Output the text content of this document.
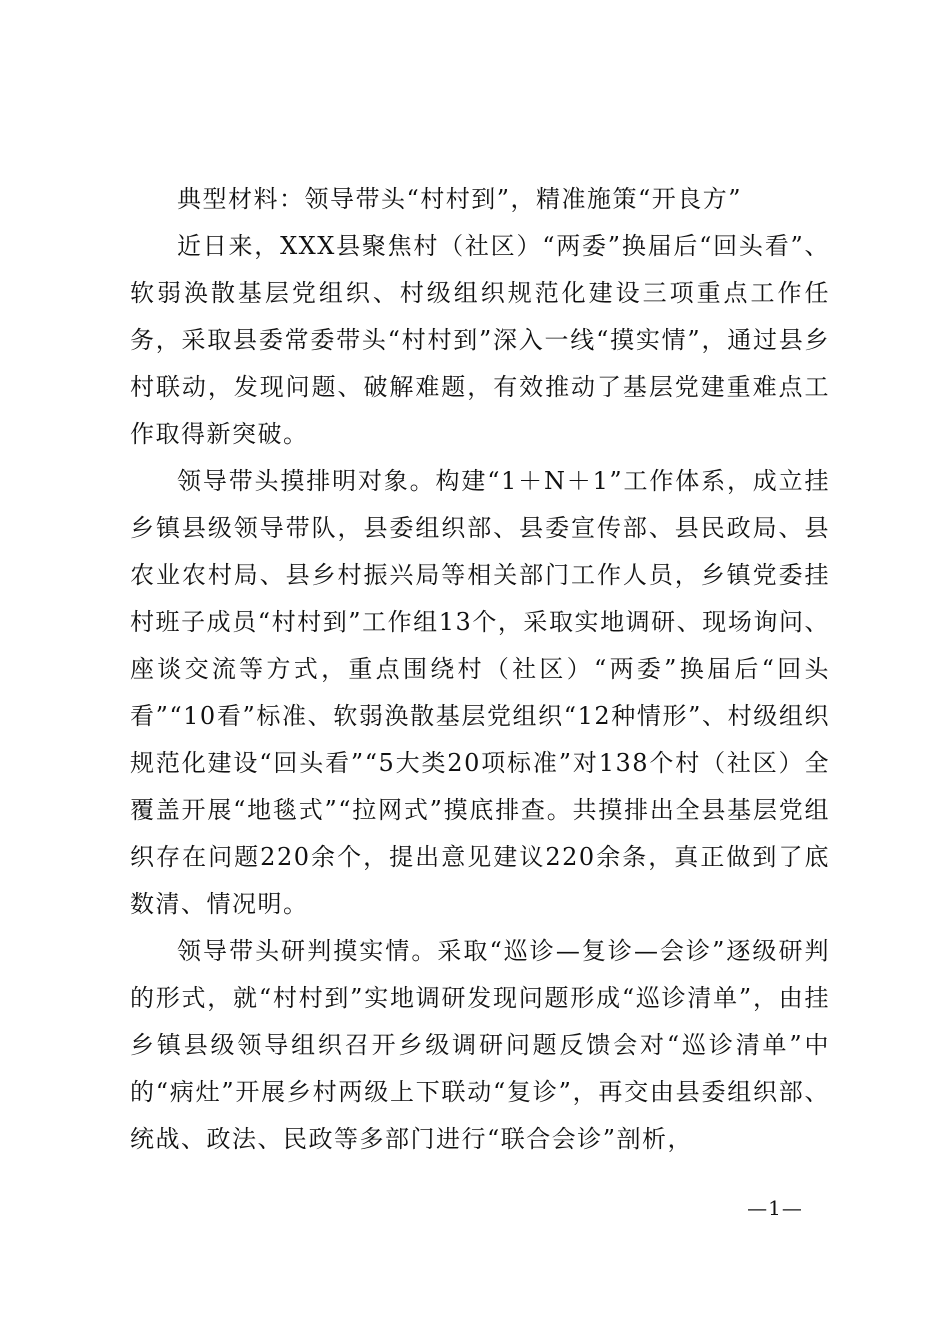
典型材料：领导带头“村村到”，精准施策“开良方”

近日来，XXX县聚焦村（社区）“两委”换届后“回头看”、软弱涣散基层党组织、村级组织规范化建设三项重点工作任务，采取县委常委带头“村村到”深入一线“摸实情”，通过县乡村联动，发现问题、破解难题，有效推动了基层党建重难点工作取得新突破。

领导带头摸排明对象。构建“1＋N＋1”工作体系，成立挂乡镇县级领导带队，县委组织部、县委宣传部、县民政局、县农业农村局、县乡村振兴局等相关部门工作人员，乡镇党委挂村班子成员“村村到”工作组13个，采取实地调研、现场询问、座谈交流等方式，重点围绕村（社区）“两委”换届后“回头看”“10看”标准、软弱涣散基层党组织“12种情形”、村级组织规范化建设“回头看”“5大类20项标准”对138个村（社区）全覆盖开展“地毯式”“拉网式”摸底排查。共摸排出全县基层党组织存在问题220余个，提出意见建议220余条，真正做到了底数清、情况明。

领导带头研判摸实情。采取“巡诊—复诊—会诊”逐级研判的形式，就“村村到”实地调研发现问题形成“巡诊清单”，由挂乡镇县级领导组织召开乡级调研问题反馈会对“巡诊清单”中的“病灶”开展乡村两级上下联动“复诊”，再交由县委组织部、统战、政法、民政等多部门进行“联合会诊”剖析，

—1—
